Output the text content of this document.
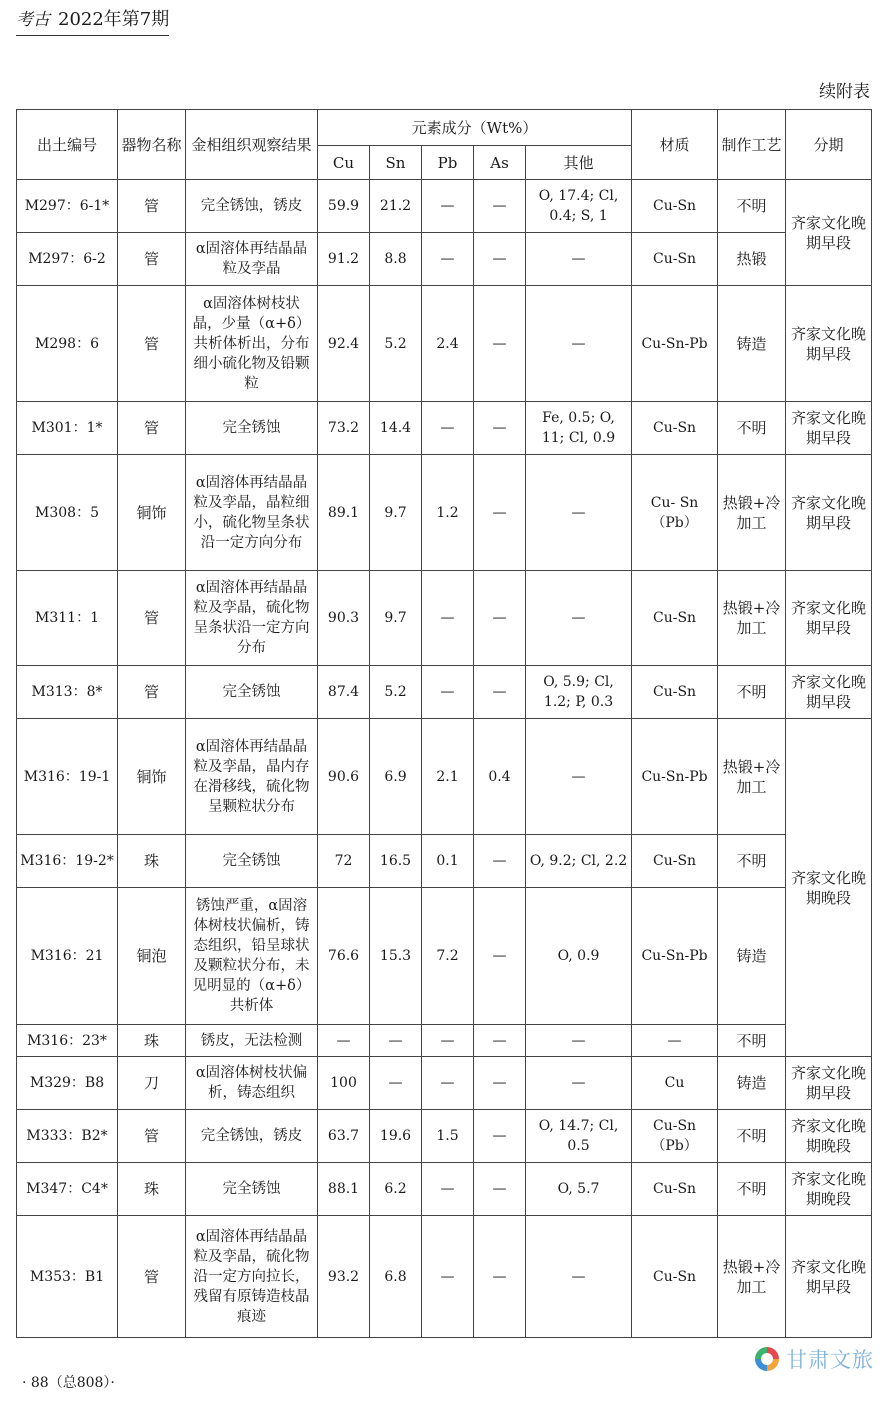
考古 2022年第7期
续附表
出土编号	器物名称	金相组织观察结果	元素成分（Wt%）					材质	制作工艺	分期
			Cu	Sn	Pb	As	其他			
M297：6-1*	管	完全锈蚀，锈皮	59.9	21.2	—	—	O, 17.4; Cl, 0.4; S, 1	Cu-Sn	不明	齐家文化晚期早段
M297：6-2	管	α固溶体再结晶晶粒及孪晶	91.2	8.8	—	—	—	Cu-Sn	热锻	
M298：6	管	α固溶体树枝状晶，少量（α+δ）共析体析出，分布细小硫化物及铅颗粒	92.4	5.2	2.4	—	—	Cu-Sn-Pb	铸造	齐家文化晚期早段
M301：1*	管	完全锈蚀	73.2	14.4	—	—	Fe, 0.5; O, 11; Cl, 0.9	Cu-Sn	不明	齐家文化晚期早段
M308：5	铜饰	α固溶体再结晶晶粒及孪晶，晶粒细小，硫化物呈条状沿一定方向分布	89.1	9.7	1.2	—	—	Cu- Sn（Pb）	热锻+冷加工	齐家文化晚期早段
M311：1	管	α固溶体再结晶晶粒及孪晶，硫化物呈条状沿一定方向分布	90.3	9.7	—	—	—	Cu-Sn	热锻+冷加工	齐家文化晚期早段
M313：8*	管	完全锈蚀	87.4	5.2	—	—	O, 5.9; Cl, 1.2; P, 0.3	Cu-Sn	不明	齐家文化晚期早段
M316：19-1	铜饰	α固溶体再结晶晶粒及孪晶，晶内存在滑移线，硫化物呈颗粒状分布	90.6	6.9	2.1	0.4	—	Cu-Sn-Pb	热锻+冷加工	齐家文化晚期晚段
M316：19-2*	珠	完全锈蚀	72	16.5	0.1	—	O, 9.2; Cl, 2.2	Cu-Sn	不明	
M316：21	铜泡	锈蚀严重，α固溶体树枝状偏析，铸态组织，铅呈球状及颗粒状分布，未见明显的（α+δ）共析体	76.6	15.3	7.2	—	O, 0.9	Cu-Sn-Pb	铸造	
M316：23*	珠	锈皮，无法检测	—	—	—	—	—	—	不明	
M329：B8	刀	α固溶体树枝状偏析，铸态组织	100	—	—	—	—	Cu	铸造	齐家文化晚期早段
M333：B2*	管	完全锈蚀，锈皮	63.7	19.6	1.5	—	O, 14.7; Cl, 0.5	Cu-Sn（Pb）	不明	齐家文化晚期晚段
M347：C4*	珠	完全锈蚀	88.1	6.2	—	—	O, 5.7	Cu-Sn	不明	齐家文化晚期晚段
M353：B1	管	α固溶体再结晶晶粒及孪晶，硫化物沿一定方向拉长，残留有原铸造枝晶痕迹	93.2	6.8	—	—	—	Cu-Sn	热锻+冷加工	齐家文化晚期早段
· 88（总808）·
甘肃文旅
